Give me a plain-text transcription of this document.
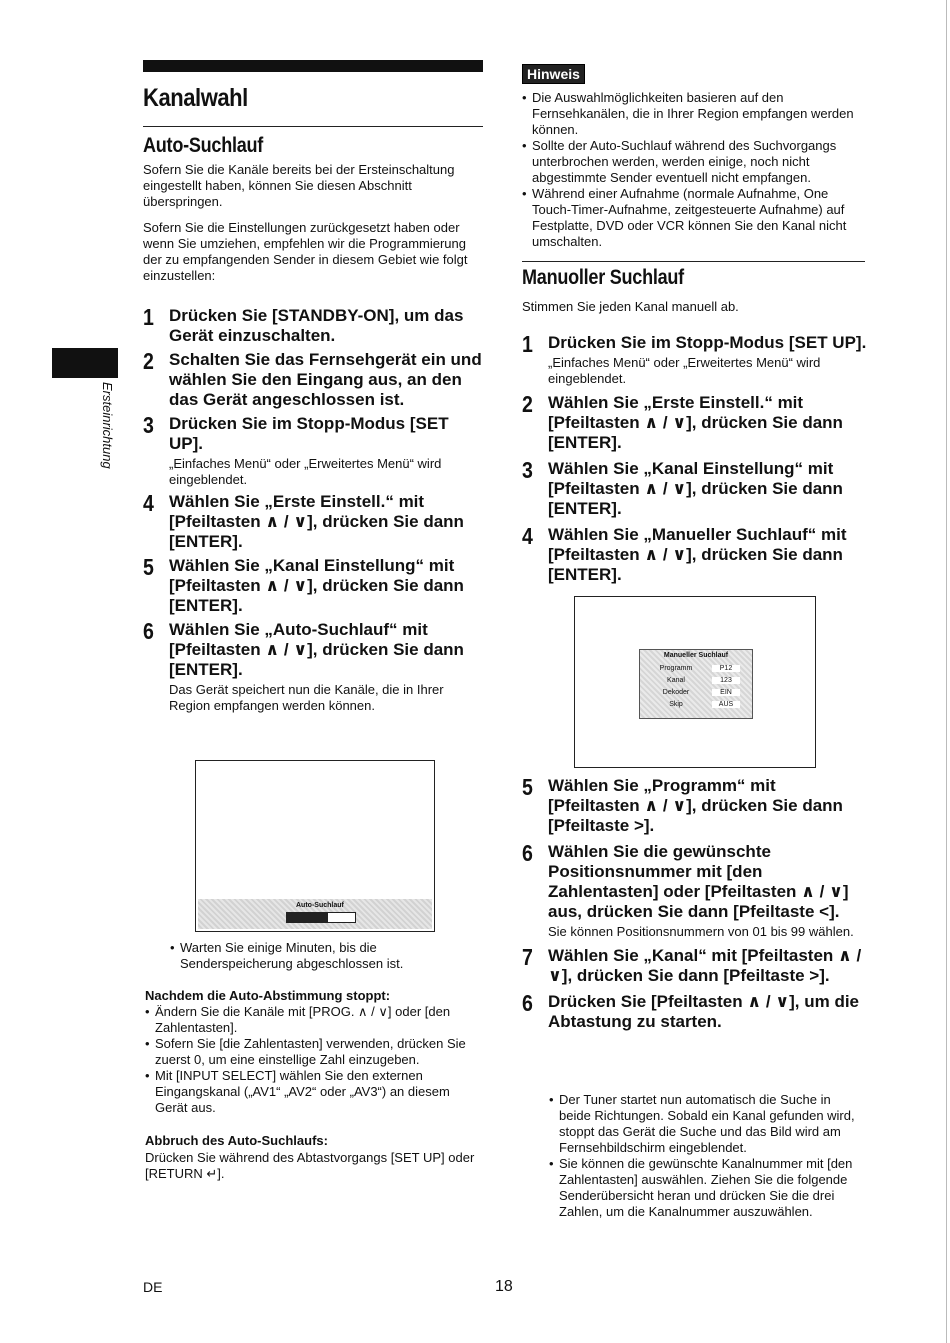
Kanalwahl
Auto-Suchlauf

Sofern Sie die Kanäle bereits bei der Ersteinschaltung eingestellt haben, können Sie diesen Abschnitt überspringen.

Sofern Sie die Einstellungen zurückgesetzt haben oder wenn Sie umziehen, empfehlen wir die Programmierung der zu empfangenden Sender in diesem Gebiet wie folgt einzustellen:

1 Drücken Sie [STANDBY-ON], um das Gerät einzuschalten.

2 Schalten Sie das Fernsehgerät ein und wählen Sie den Eingang aus, an den das Gerät angeschlossen ist.

3 Drücken Sie im Stopp-Modus [SET UP].

„Einfaches Menü“ oder „Erweitertes Menü“ wird eingeblendet.

4 Wählen Sie „Erste Einstell.“ mit [Pfeiltasten ∧ / ∨], drücken Sie dann [ENTER].

5 Wählen Sie „Kanal Einstellung“ mit [Pfeiltasten ∧ / ∨], drücken Sie dann [ENTER].

6 Wählen Sie „Auto-Suchlauf“ mit [Pfeiltasten ∧ / ∨], drücken Sie dann [ENTER].

Das Gerät speichert nun die Kanäle, die in Ihrer Region empfangen werden können.

Auto-Suchlauf
• Warten Sie einige Minuten, bis die Senderspeicherung abgeschlossen ist.

Nachdem die Auto-Abstimmung stoppt:

• Ändern Sie die Kanäle mit [PROG. ∧ / ∨] oder [den Zahlentasten].
• Sofern Sie [die Zahlentasten] verwenden, drücken Sie zuerst 0, um eine einstellige Zahl einzugeben.
• Mit [INPUT SELECT] wählen Sie den externen Eingangskanal („AV1“ „AV2“ oder „AV3“) an diesem Gerät aus.

Abbruch des Auto-Suchlaufs:

Drücken Sie während des Abtastvorgangs [SET UP] oder [RETURN ↵].

Hinweis
• Die Auswahlmöglichkeiten basieren auf den Fernsehkanälen, die in Ihrer Region empfangen werden können.
• Sollte der Auto-Suchlauf während des Suchvorgangs unterbrochen werden, werden einige, noch nicht abgestimmte Sender eventuell nicht empfangen.
• Während einer Aufnahme (normale Aufnahme, One Touch-Timer-Aufnahme, zeitgesteuerte Aufnahme) auf Festplatte, DVD oder VCR können Sie den Kanal nicht umschalten.
Manuoller Suchlauf

Stimmen Sie jeden Kanal manuell ab.

1 Drücken Sie im Stopp-Modus [SET UP].

„Einfaches Menü“ oder „Erweitertes Menü“ wird eingeblendet.

2 Wählen Sie „Erste Einstell.“ mit [Pfeiltasten ∧ / ∨], drücken Sie dann [ENTER].

3 Wählen Sie „Kanal Einstellung“ mit [Pfeiltasten ∧ / ∨], drücken Sie dann [ENTER].

4 Wählen Sie „Manueller Suchlauf“ mit [Pfeiltasten ∧ / ∨], drücken Sie dann [ENTER].

Manueller Suchlauf
Programm	P12
Kanal	123
Dekoder	EIN
Skip	AUS
5 Wählen Sie „Programm“ mit [Pfeiltasten ∧ / ∨], drücken Sie dann [Pfeiltaste >].

6 Wählen Sie die gewünschte Positionsnummer mit [den Zahlentasten] oder [Pfeiltasten ∧ / ∨] aus, drücken Sie dann [Pfeiltaste <].

Sie können Positionsnummern von 01 bis 99 wählen.

7 Wählen Sie „Kanal“ mit [Pfeiltasten ∧ / ∨], drücken Sie dann [Pfeiltaste >].

6 Drücken Sie [Pfeiltasten ∧ / ∨], um die Abtastung zu starten.

• Der Tuner startet nun automatisch die Suche in beide Richtungen. Sobald ein Kanal gefunden wird, stoppt das Gerät die Suche und das Bild wird am Fernsehbildschirm eingeblendet.
• Sie können die gewünschte Kanalnummer mit [den Zahlentasten] auswählen. Ziehen Sie die folgende Senderübersicht heran und drücken Sie die drei Zahlen, um die Kanalnummer auszuwählen.
Ersteinrichtung
DE	18
